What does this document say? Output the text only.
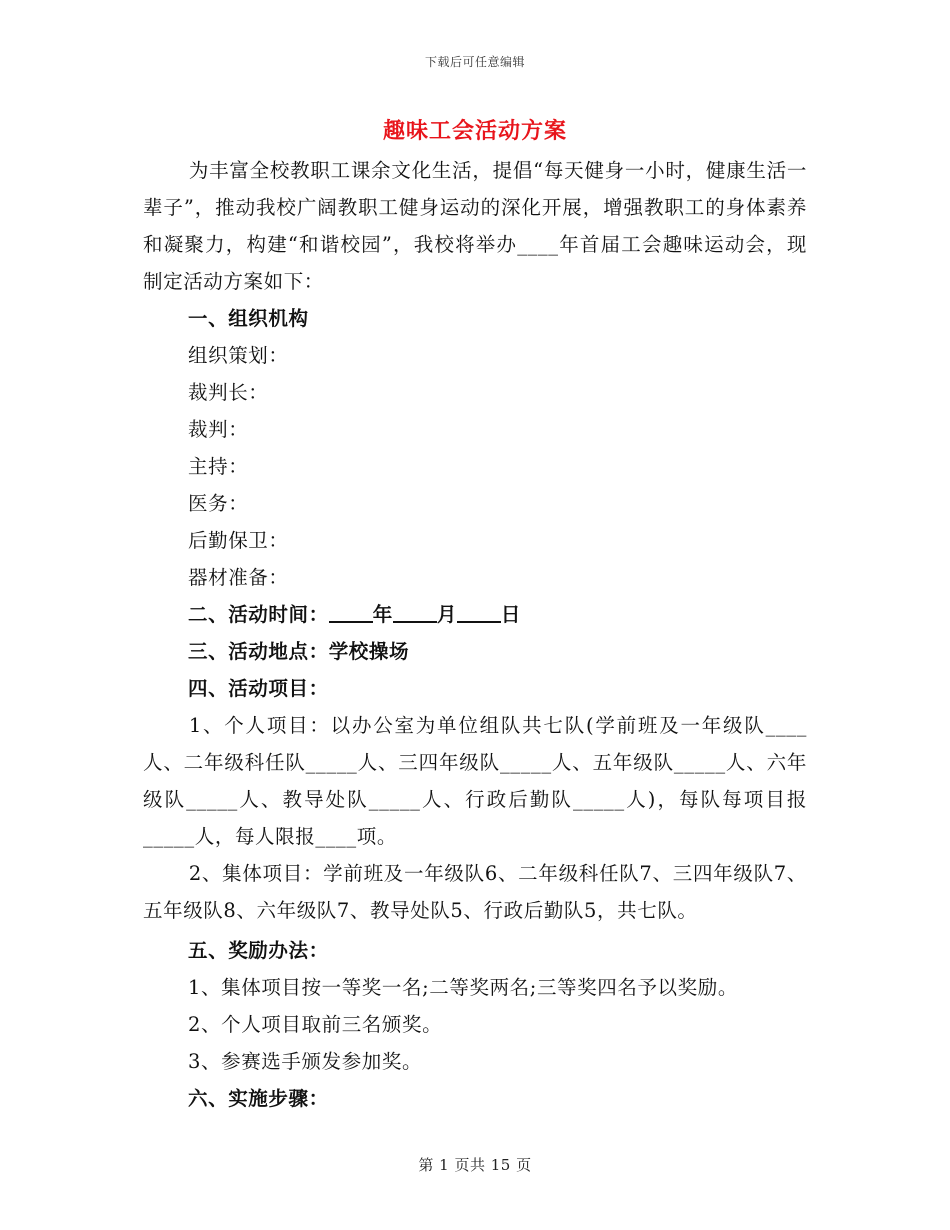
下载后可任意编辑
趣味工会活动方案

为丰富全校教职工课余文化生活，提倡“每天健身一小时，健康生活一辈子”，推动我校广阔教职工健身运动的深化开展，增强教职工的身体素养和凝聚力，构建“和谐校园”，我校将举办____年首届工会趣味运动会，现制定活动方案如下：

一、组织机构

组织策划：

裁判长：

裁判：

主持：

医务：

后勤保卫：

器材准备：

二、活动时间： 年 月 日

三、活动地点：学校操场

四、活动项目：

1、个人项目：以办公室为单位组队共七队(学前班及一年级队____人、二年级科任队_____人、三四年级队_____人、五年级队_____人、六年级队_____人、教导处队_____人、行政后勤队_____人)，每队每项目报_____人，每人限报____项。

2、集体项目：学前班及一年级队6、二年级科任队7、三四年级队7、五年级队8、六年级队7、教导处队5、行政后勤队5，共七队。

五、奖励办法：

1、集体项目按一等奖一名;二等奖两名;三等奖四名予以奖励。

2、个人项目取前三名颁奖。

3、参赛选手颁发参加奖。

六、实施步骤：

第 1 页共 15 页
